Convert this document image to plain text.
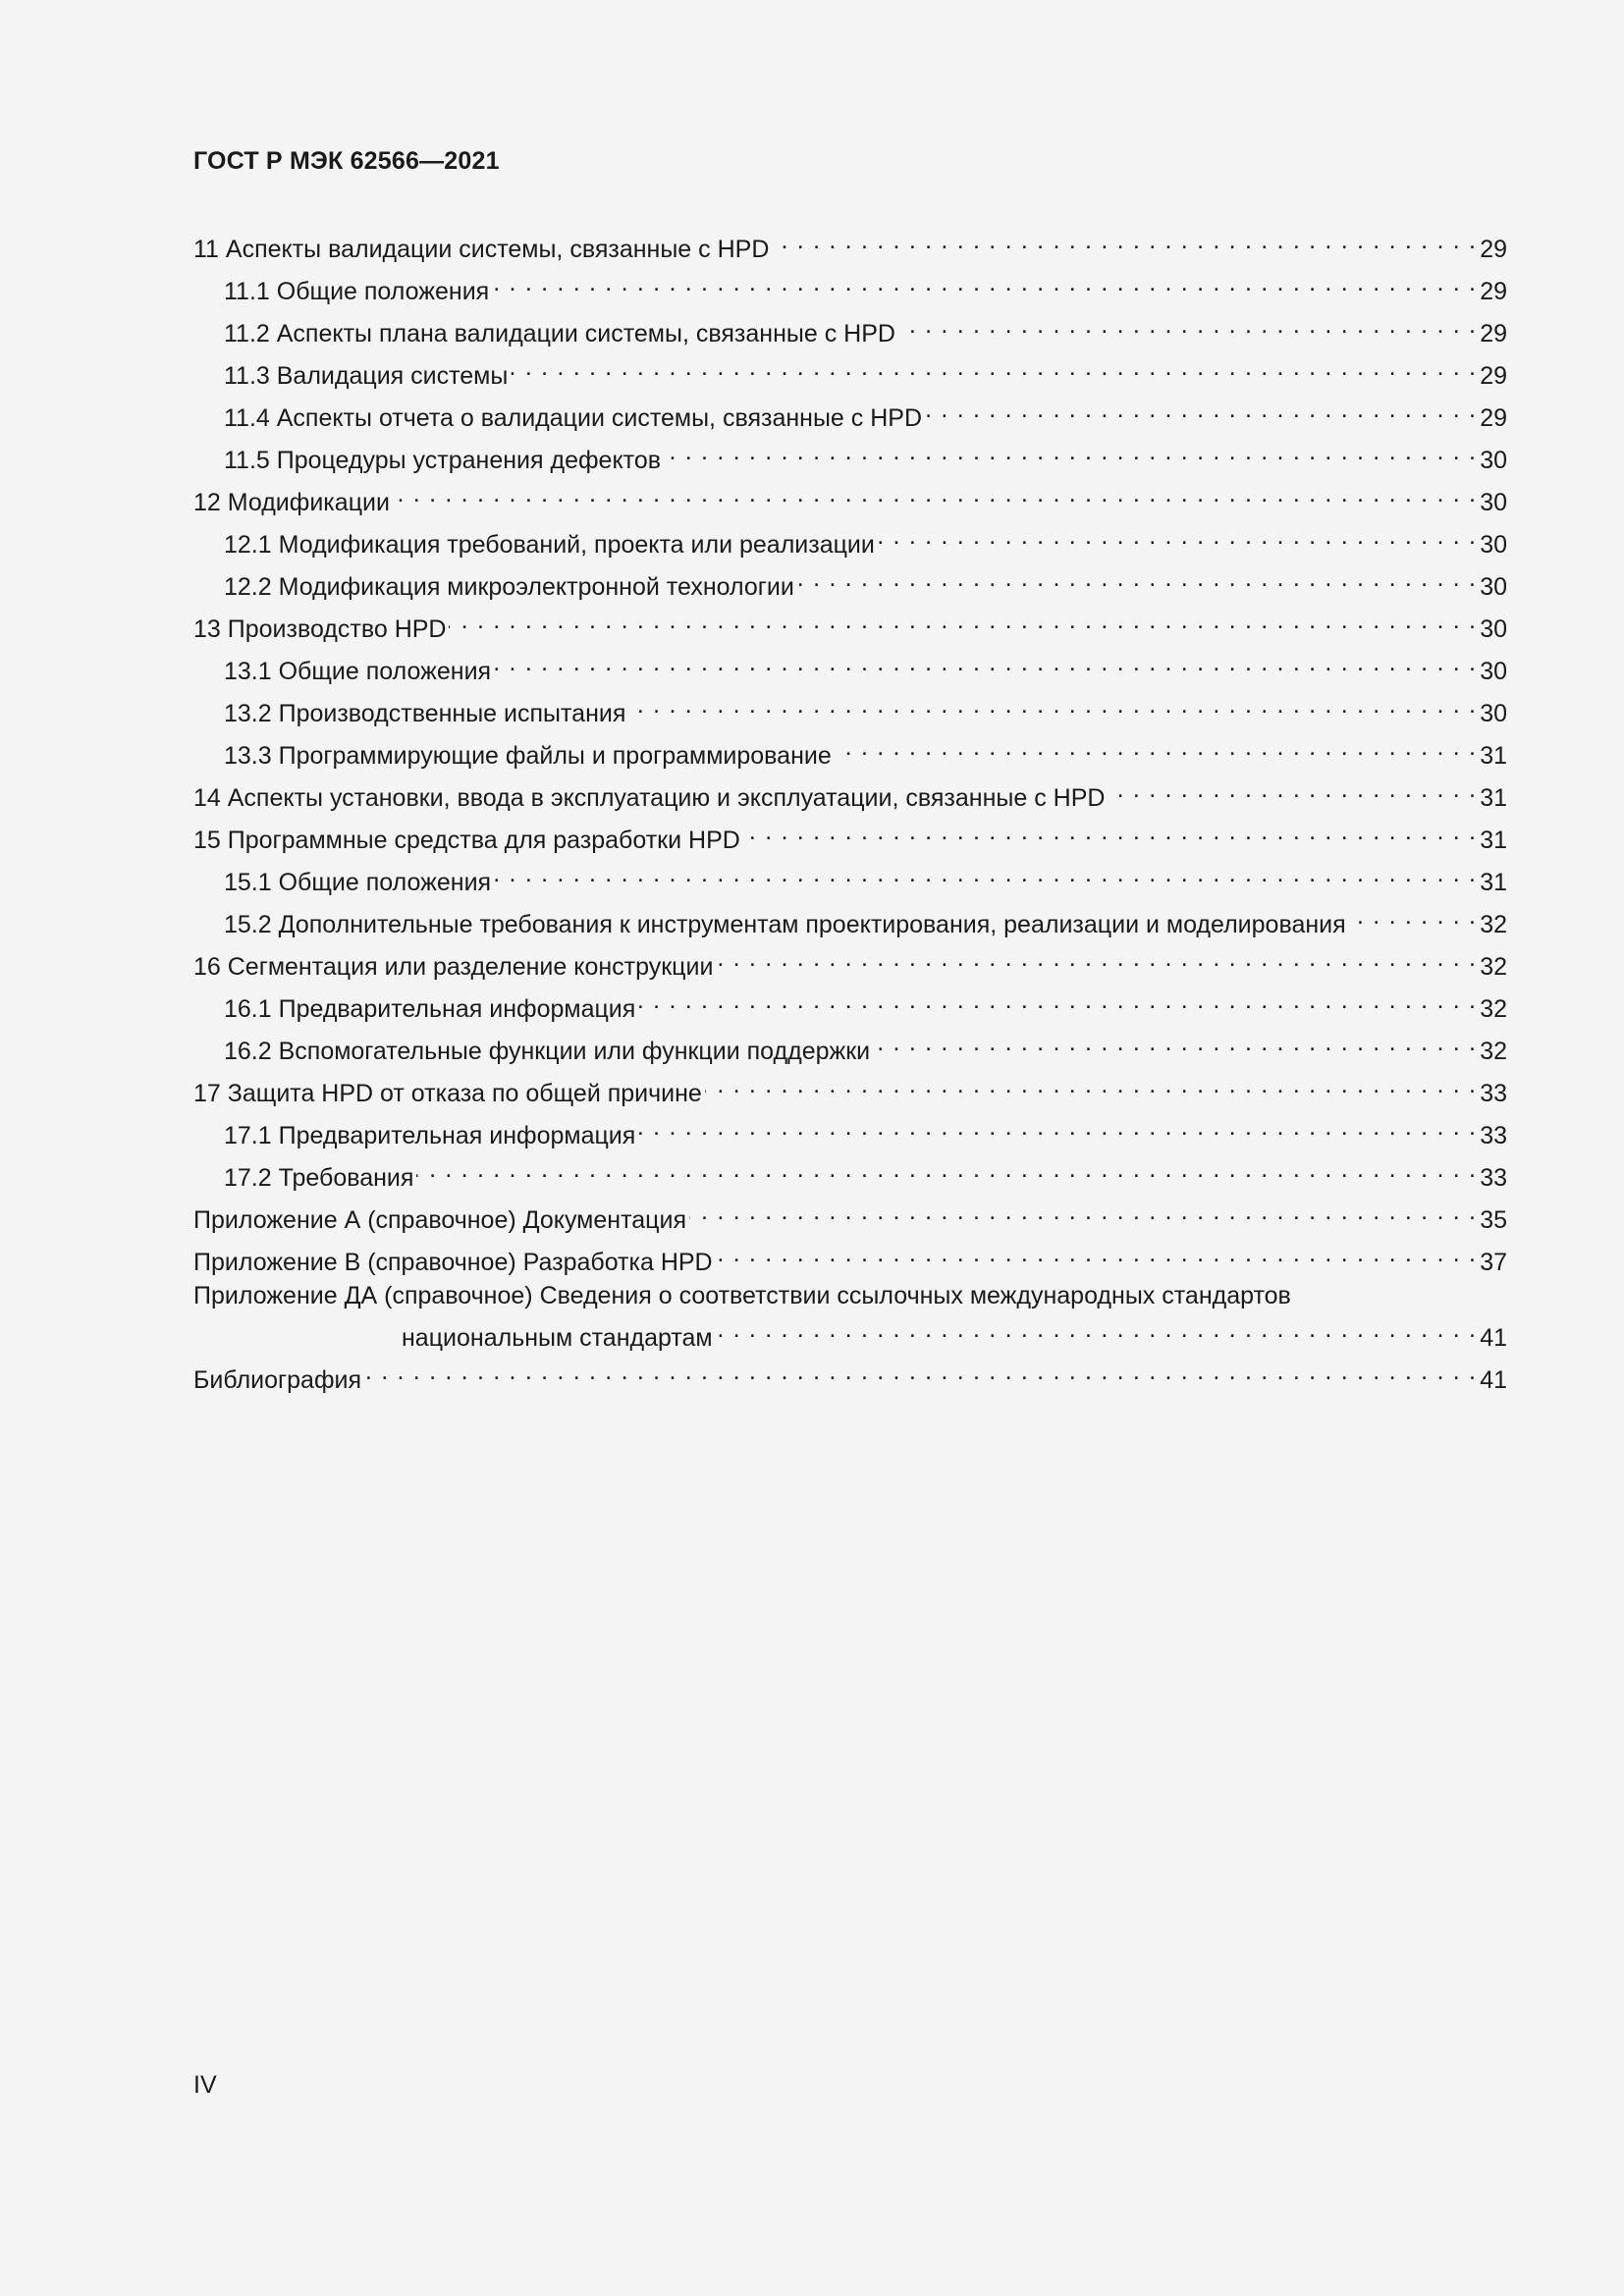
ГОСТ Р МЭК 62566—2021
11 Аспекты валидации системы, связанные с HPD . . .	29
11.1 Общие положения . . .	29
11.2 Аспекты плана валидации системы, связанные с HPD . . .	29
11.3 Валидация системы . . .	29
11.4 Аспекты отчета о валидации системы, связанные с HPD . . .	29
11.5 Процедуры устранения дефектов . . .	30
12 Модификации . . .	30
12.1 Модификация требований, проекта или реализации . . .	30
12.2 Модификация микроэлектронной технологии . . .	30
13 Производство HPD . . .	30
13.1 Общие положения . . .	30
13.2 Производственные испытания . . .	30
13.3 Программирующие файлы и программирование . . .	31
14 Аспекты установки, ввода в эксплуатацию и эксплуатации, связанные с HPD . . .	31
15 Программные средства для разработки HPD . . .	31
15.1 Общие положения . . .	31
15.2 Дополнительные требования к инструментам проектирования, реализации и моделирования . . .	32
16 Сегментация или разделение конструкции . . .	32
16.1 Предварительная информация . . .	32
16.2 Вспомогательные функции или функции поддержки . . .	32
17 Защита HPD от отказа по общей причине . . .	33
17.1 Предварительная информация . . .	33
17.2 Требования . . .	33
Приложение А (справочное) Документация . . .	35
Приложение В (справочное) Разработка HPD . . .	37
Приложение ДА (справочное) Сведения о соответствии ссылочных международных стандартов
национальным стандартам . . .	41
Библиография . . .	41

IV
